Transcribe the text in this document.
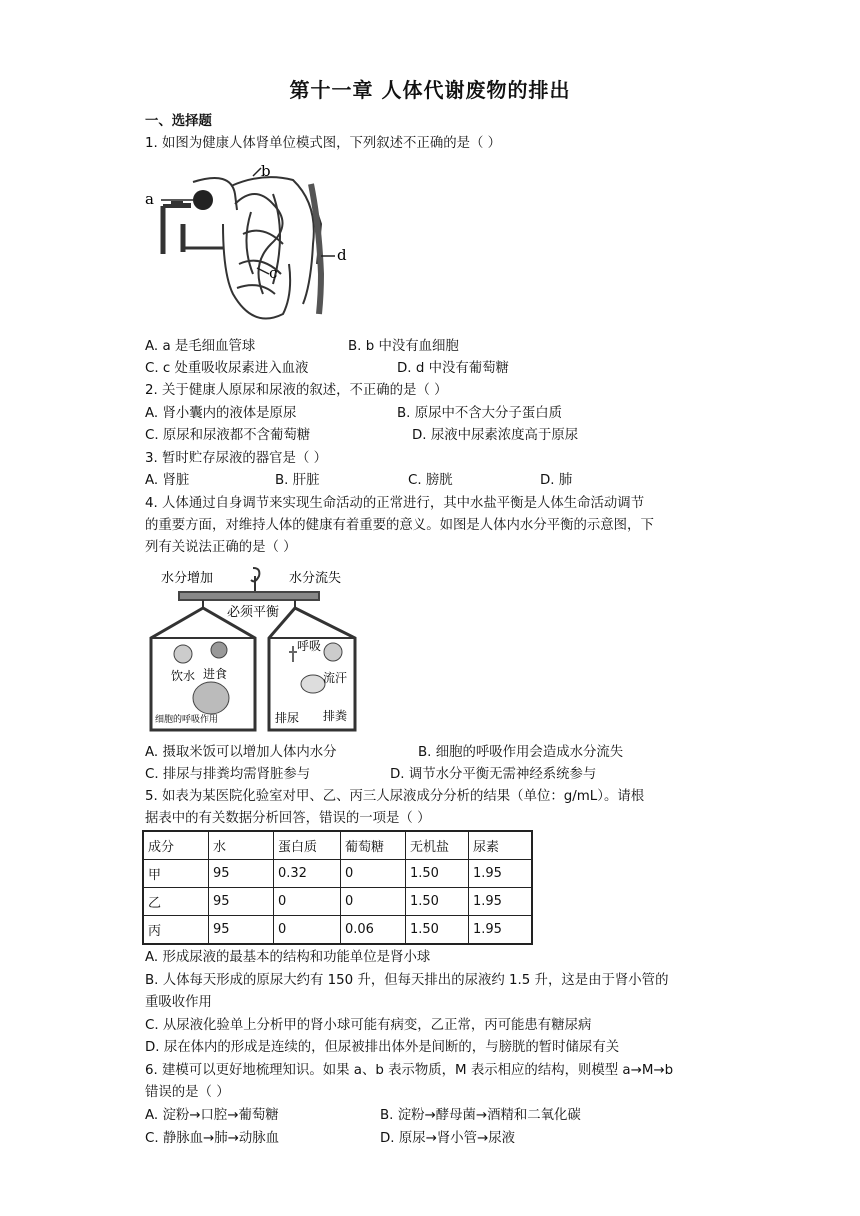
第十一章 人体代谢废物的排出
一、选择题
1. 如图为健康人体肾单位模式图，下列叙述不正确的是（ ）
a
b
c
d
A. a 是毛细血管球	B. b 中没有血细胞
C. c 处重吸收尿素进入血液	D. d 中没有葡萄糖
2. 关于健康人原尿和尿液的叙述，不正确的是（ ）
A. 肾小囊内的液体是原尿	B. 原尿中不含大分子蛋白质
C. 原尿和尿液都不含葡萄糖	D. 尿液中尿素浓度高于原尿
3. 暂时贮存尿液的器官是（ ）
A. 肾脏	B. 肝脏	C. 膀胱	D. 肺
4. 人体通过自身调节来实现生命活动的正常进行，其中水盐平衡是人体生命活动调节
的重要方面，对维持人体的健康有着重要的意义。如图是人体内水分平衡的示意图，下
列有关说法正确的是（ ）
水分增加	水分流失
必须平衡
饮水 进食
细胞的呼吸作用
呼吸
流汗
排尿 排粪
A. 摄取米饭可以增加人体内水分	B. 细胞的呼吸作用会造成水分流失
C. 排尿与排粪均需肾脏参与	D. 调节水分平衡无需神经系统参与
5. 如表为某医院化验室对甲、乙、丙三人尿液成分分析的结果（单位：g/mL）。请根
据表中的有关数据分析回答，错误的一项是（ ）
成分	水	蛋白质	葡萄糖	无机盐	尿素
甲	95	0.32	0	1.50	1.95
乙	95	0	0	1.50	1.95
丙	95	0	0.06	1.50	1.95
A. 形成尿液的最基本的结构和功能单位是肾小球
B. 人体每天形成的原尿大约有 150 升，但每天排出的尿液约 1.5 升，这是由于肾小管的
重吸收作用
C. 从尿液化验单上分析甲的肾小球可能有病变，乙正常，丙可能患有糖尿病
D. 尿在体内的形成是连续的，但尿被排出体外是间断的，与膀胱的暂时储尿有关
6. 建模可以更好地梳理知识。如果 a、b 表示物质，M 表示相应的结构，则模型 a→M→b
错误的是（ ）
A. 淀粉→口腔→葡萄糖	B. 淀粉→酵母菌→酒精和二氧化碳
C. 静脉血→肺→动脉血	D. 原尿→肾小管→尿液
